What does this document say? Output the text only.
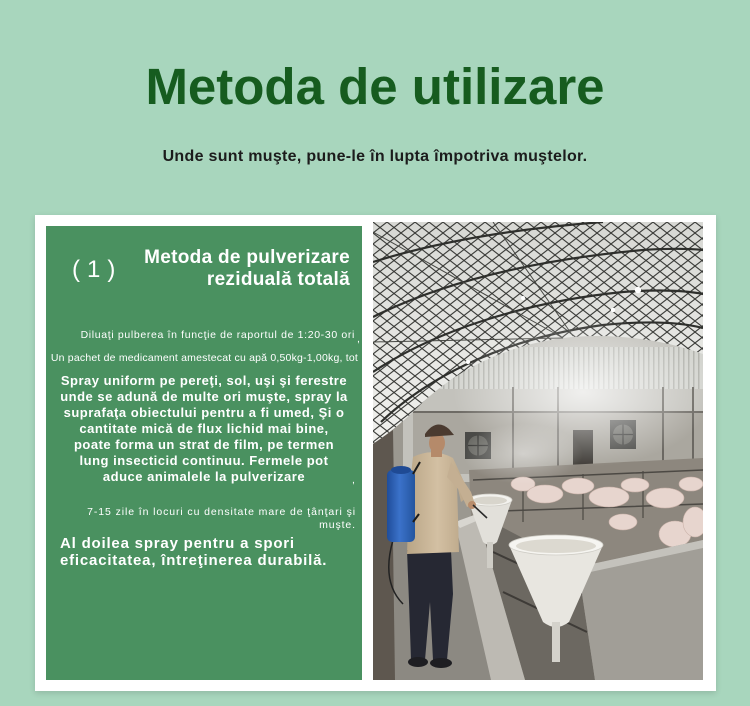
Metoda de utilizare
Unde sunt muşte, pune-le în lupta împotriva muştelor.
(1) Metoda de pulverizare
reziduală totală
Diluaţi pulberea în funcţie de raportul de 1:20-30 ori ,
Un pachet de medicament amestecat cu apă 0,50kg-1,00kg, tot
Spray uniform pe pereţi, sol, uşi şi ferestre
unde se adună de multe ori muşte, spray la
suprafaţa obiectului pentru a fi umed, Şi o
cantitate mică de flux lichid mai bine,
poate forma un strat de film, pe termen
lung insecticid continuu. Fermele pot
aduce animalele la pulverizare	,
7-15 zile în locuri cu densitate mare de ţânţari şi
muşte.
Al doilea spray pentru a spori
eficacitatea, întreţinerea durabilă.
